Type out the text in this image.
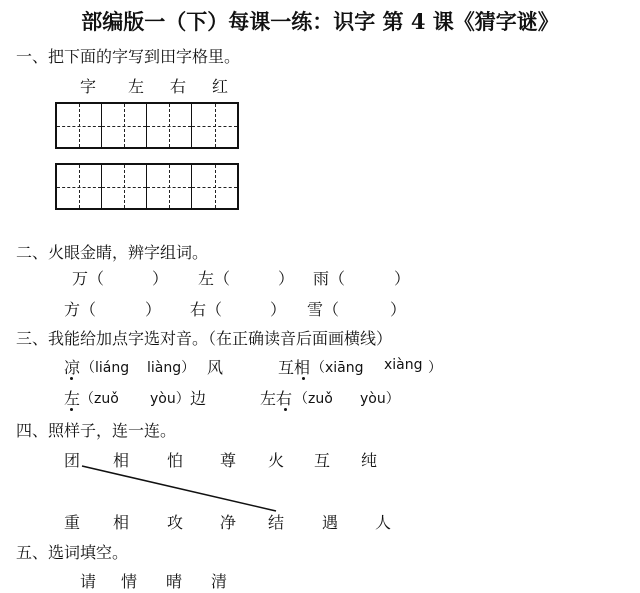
部编版一（下）每课一练：识字 第 4 课《猜字谜》
一、把下面的字写到田字格里。
字 左 右 红
二、火眼金睛，辨字组词。
万（	） 左（	） 雨（	）
方（	） 右（	） 雪（	）
三、我能给加点字选对音。（在正确读音后面画横线）
凉 （liáng liàng） 风	互相 （xiāng xiàng ）
左 （zuǒ yòu） 边	左右 （zuǒ yòu）
四、照样子，连一连。
团 相 怕 尊 火 互 纯
重 相 攻 净 结 遇 人
五、选词填空。
请 情 晴 清
